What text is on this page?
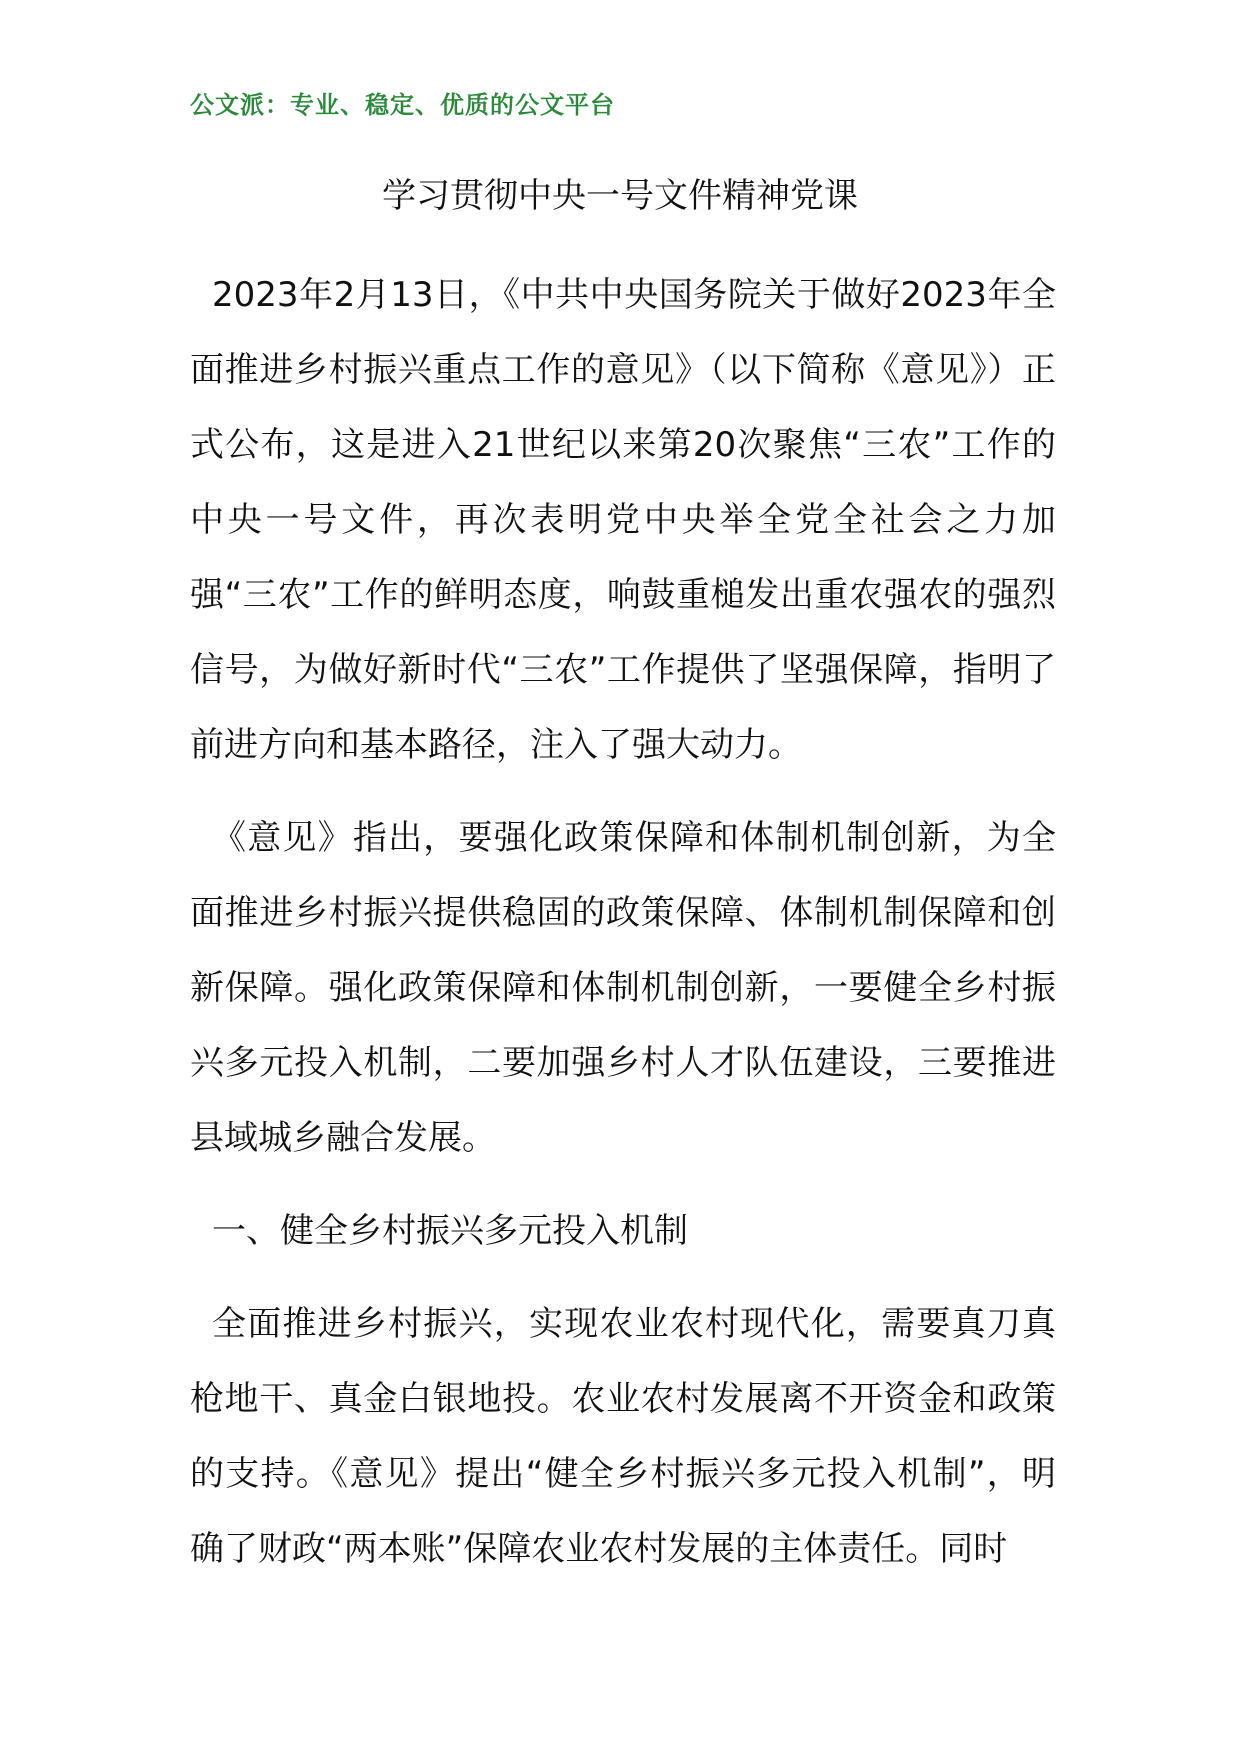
公文派：专业、稳定、优质的公文平台
学习贯彻中央一号文件精神党课

2023年2月13日，《中共中央国务院关于做好2023年全面推进乡村振兴重点工作的意见》（以下简称《意见》）正式公布，这是进入21世纪以来第20次聚焦“三农”工作的中央一号文件，再次表明党中央举全党全社会之力加强“三农”工作的鲜明态度，响鼓重槌发出重农强农的强烈信号，为做好新时代“三农”工作提供了坚强保障，指明了前进方向和基本路径，注入了强大动力。

《意见》指出，要强化政策保障和体制机制创新，为全面推进乡村振兴提供稳固的政策保障、体制机制保障和创新保障。强化政策保障和体制机制创新，一要健全乡村振兴多元投入机制，二要加强乡村人才队伍建设，三要推进县域城乡融合发展。

一、健全乡村振兴多元投入机制

全面推进乡村振兴，实现农业农村现代化，需要真刀真枪地干、真金白银地投。农业农村发展离不开资金和政策的支持。《意见》提出“健全乡村振兴多元投入机制”，明确了财政“两本账”保障农业农村发展的主体责任。同时
